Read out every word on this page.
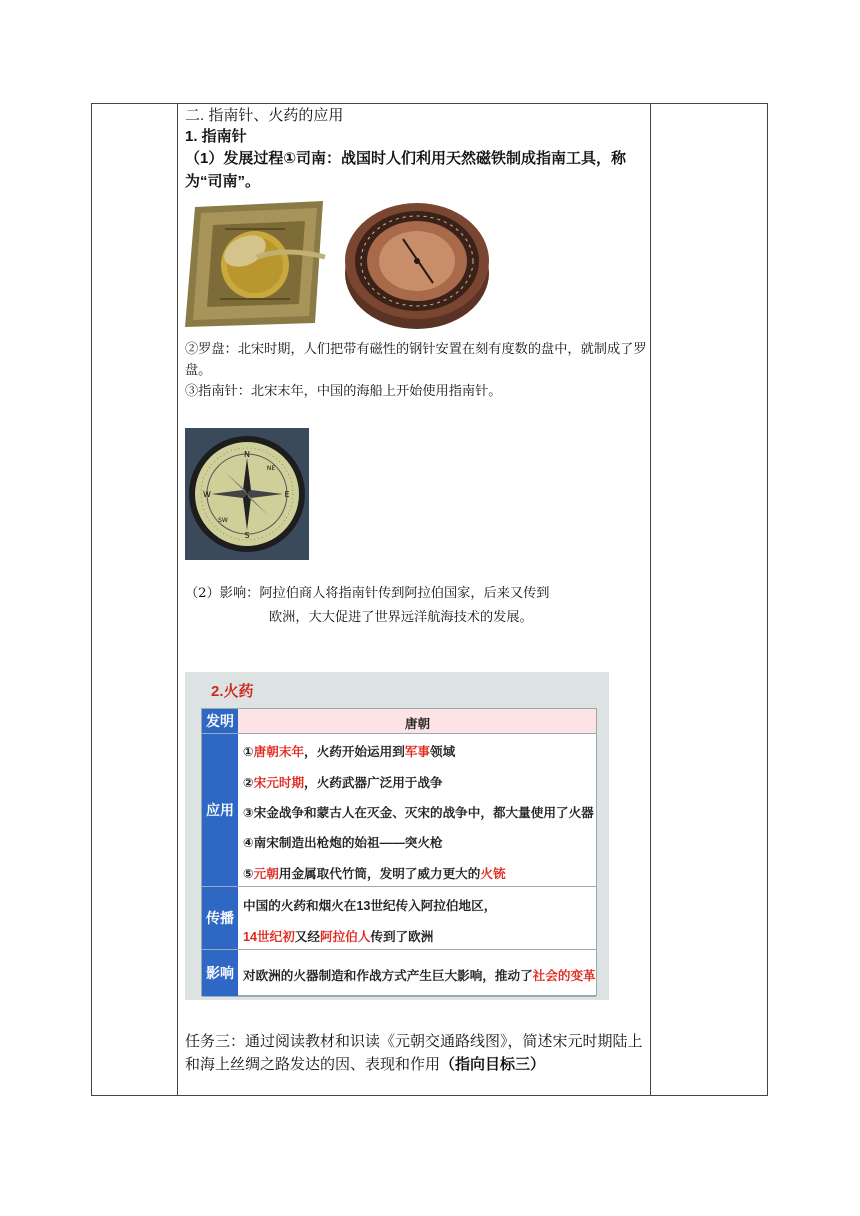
二. 指南针、火药的应用

1. 指南针

（1）发展过程①司南：战国时人们利用天然磁铁制成指南工具，称为“司南”。

②罗盘：北宋时期，人们把带有磁性的钢针安置在刻有度数的盘中，就制成了罗盘。

③指南针：北宋末年，中国的海船上开始使用指南针。

N
S
E
W
NE
SW
（2）影响：阿拉伯商人将指南针传到阿拉伯国家，后来又传到
欧洲，大大促进了世界远洋航海技术的发展。
2.火药
发明	唐朝
应用
①唐朝末年，火药开始运用到军事领域
②宋元时期，火药武器广泛用于战争
③宋金战争和蒙古人在灭金、灭宋的战争中，都大量使用了火器
④南宋制造出枪炮的始祖——突火枪
⑤元朝用金属取代竹筒，发明了威力更大的火铳
传播
中国的火药和烟火在13世纪传入阿拉伯地区，
14世纪初又经阿拉伯人传到了欧洲
影响 对欧洲的火器制造和作战方式产生巨大影响，推动了社会的变革

任务三：通过阅读教材和识读《元朝交通路线图》，简述宋元时期陆上和海上丝绸之路发达的因、表现和作用（指向目标三）
